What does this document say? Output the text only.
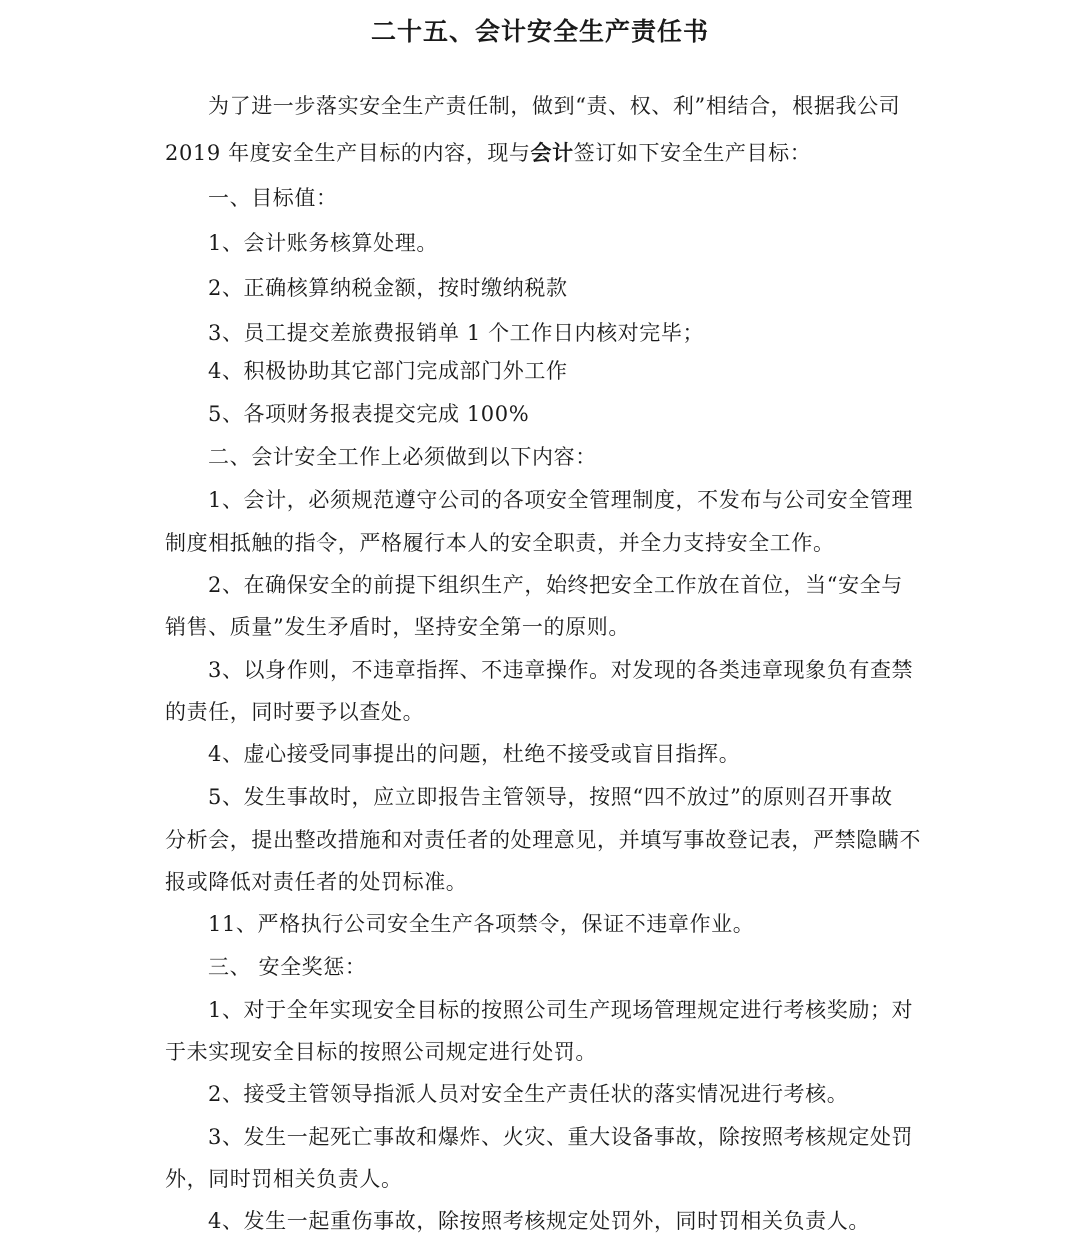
二十五、会计安全生产责任书
为了进一步落实安全生产责任制，做到“责、权、利”相结合，根据我公司
2019 年度安全生产目标的内容，现与会计签订如下安全生产目标：
一、目标值：
1、会计账务核算处理。
2、正确核算纳税金额，按时缴纳税款
3、员工提交差旅费报销单 1 个工作日内核对完毕；
4、积极协助其它部门完成部门外工作
5、各项财务报表提交完成 100%
二、会计安全工作上必须做到以下内容：
1、会计，必须规范遵守公司的各项安全管理制度，不发布与公司安全管理
制度相抵触的指令，严格履行本人的安全职责，并全力支持安全工作。
2、在确保安全的前提下组织生产，始终把安全工作放在首位，当“安全与
销售、质量”发生矛盾时，坚持安全第一的原则。
3、以身作则，不违章指挥、不违章操作。对发现的各类违章现象负有查禁
的责任，同时要予以查处。
4、虚心接受同事提出的问题，杜绝不接受或盲目指挥。
5、发生事故时，应立即报告主管领导，按照“四不放过”的原则召开事故
分析会，提出整改措施和对责任者的处理意见，并填写事故登记表，严禁隐瞒不
报或降低对责任者的处罚标准。
11、严格执行公司安全生产各项禁令，保证不违章作业。
三、 安全奖惩：
1、对于全年实现安全目标的按照公司生产现场管理规定进行考核奖励；对
于未实现安全目标的按照公司规定进行处罚。
2、接受主管领导指派人员对安全生产责任状的落实情况进行考核。
3、发生一起死亡事故和爆炸、火灾、重大设备事故，除按照考核规定处罚
外，同时罚相关负责人。
4、发生一起重伤事故，除按照考核规定处罚外，同时罚相关负责人。
